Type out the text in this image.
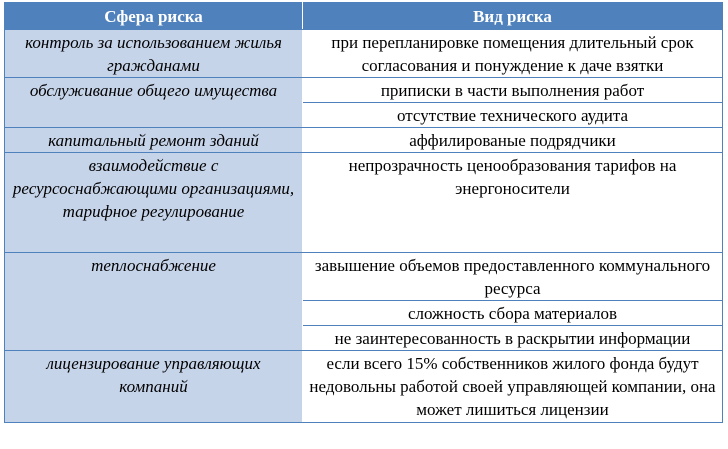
Сфера риска	Вид риска
контроль за использованием жилья гражданами	при перепланировке помещения длительный срок согласования и понуждение к даче взятки
обслуживание общего имущества	приписки в части выполнения работ
	отсутствие технического аудита
капитальный ремонт зданий	аффилированые подрядчики
взаимодействие с ресурсоснабжающими организациями, тарифное регулирование	непрозрачность ценообразования тарифов на энергоносители
теплоснабжение	завышение объемов предоставленного коммунального ресурса
	сложность сбора материалов
	не заинтересованность в раскрытии информации
лицензирование управляющих компаний	если всего 15% собственников жилого фонда будут недовольны работой своей управляющей компании, она может лишиться лицензии
